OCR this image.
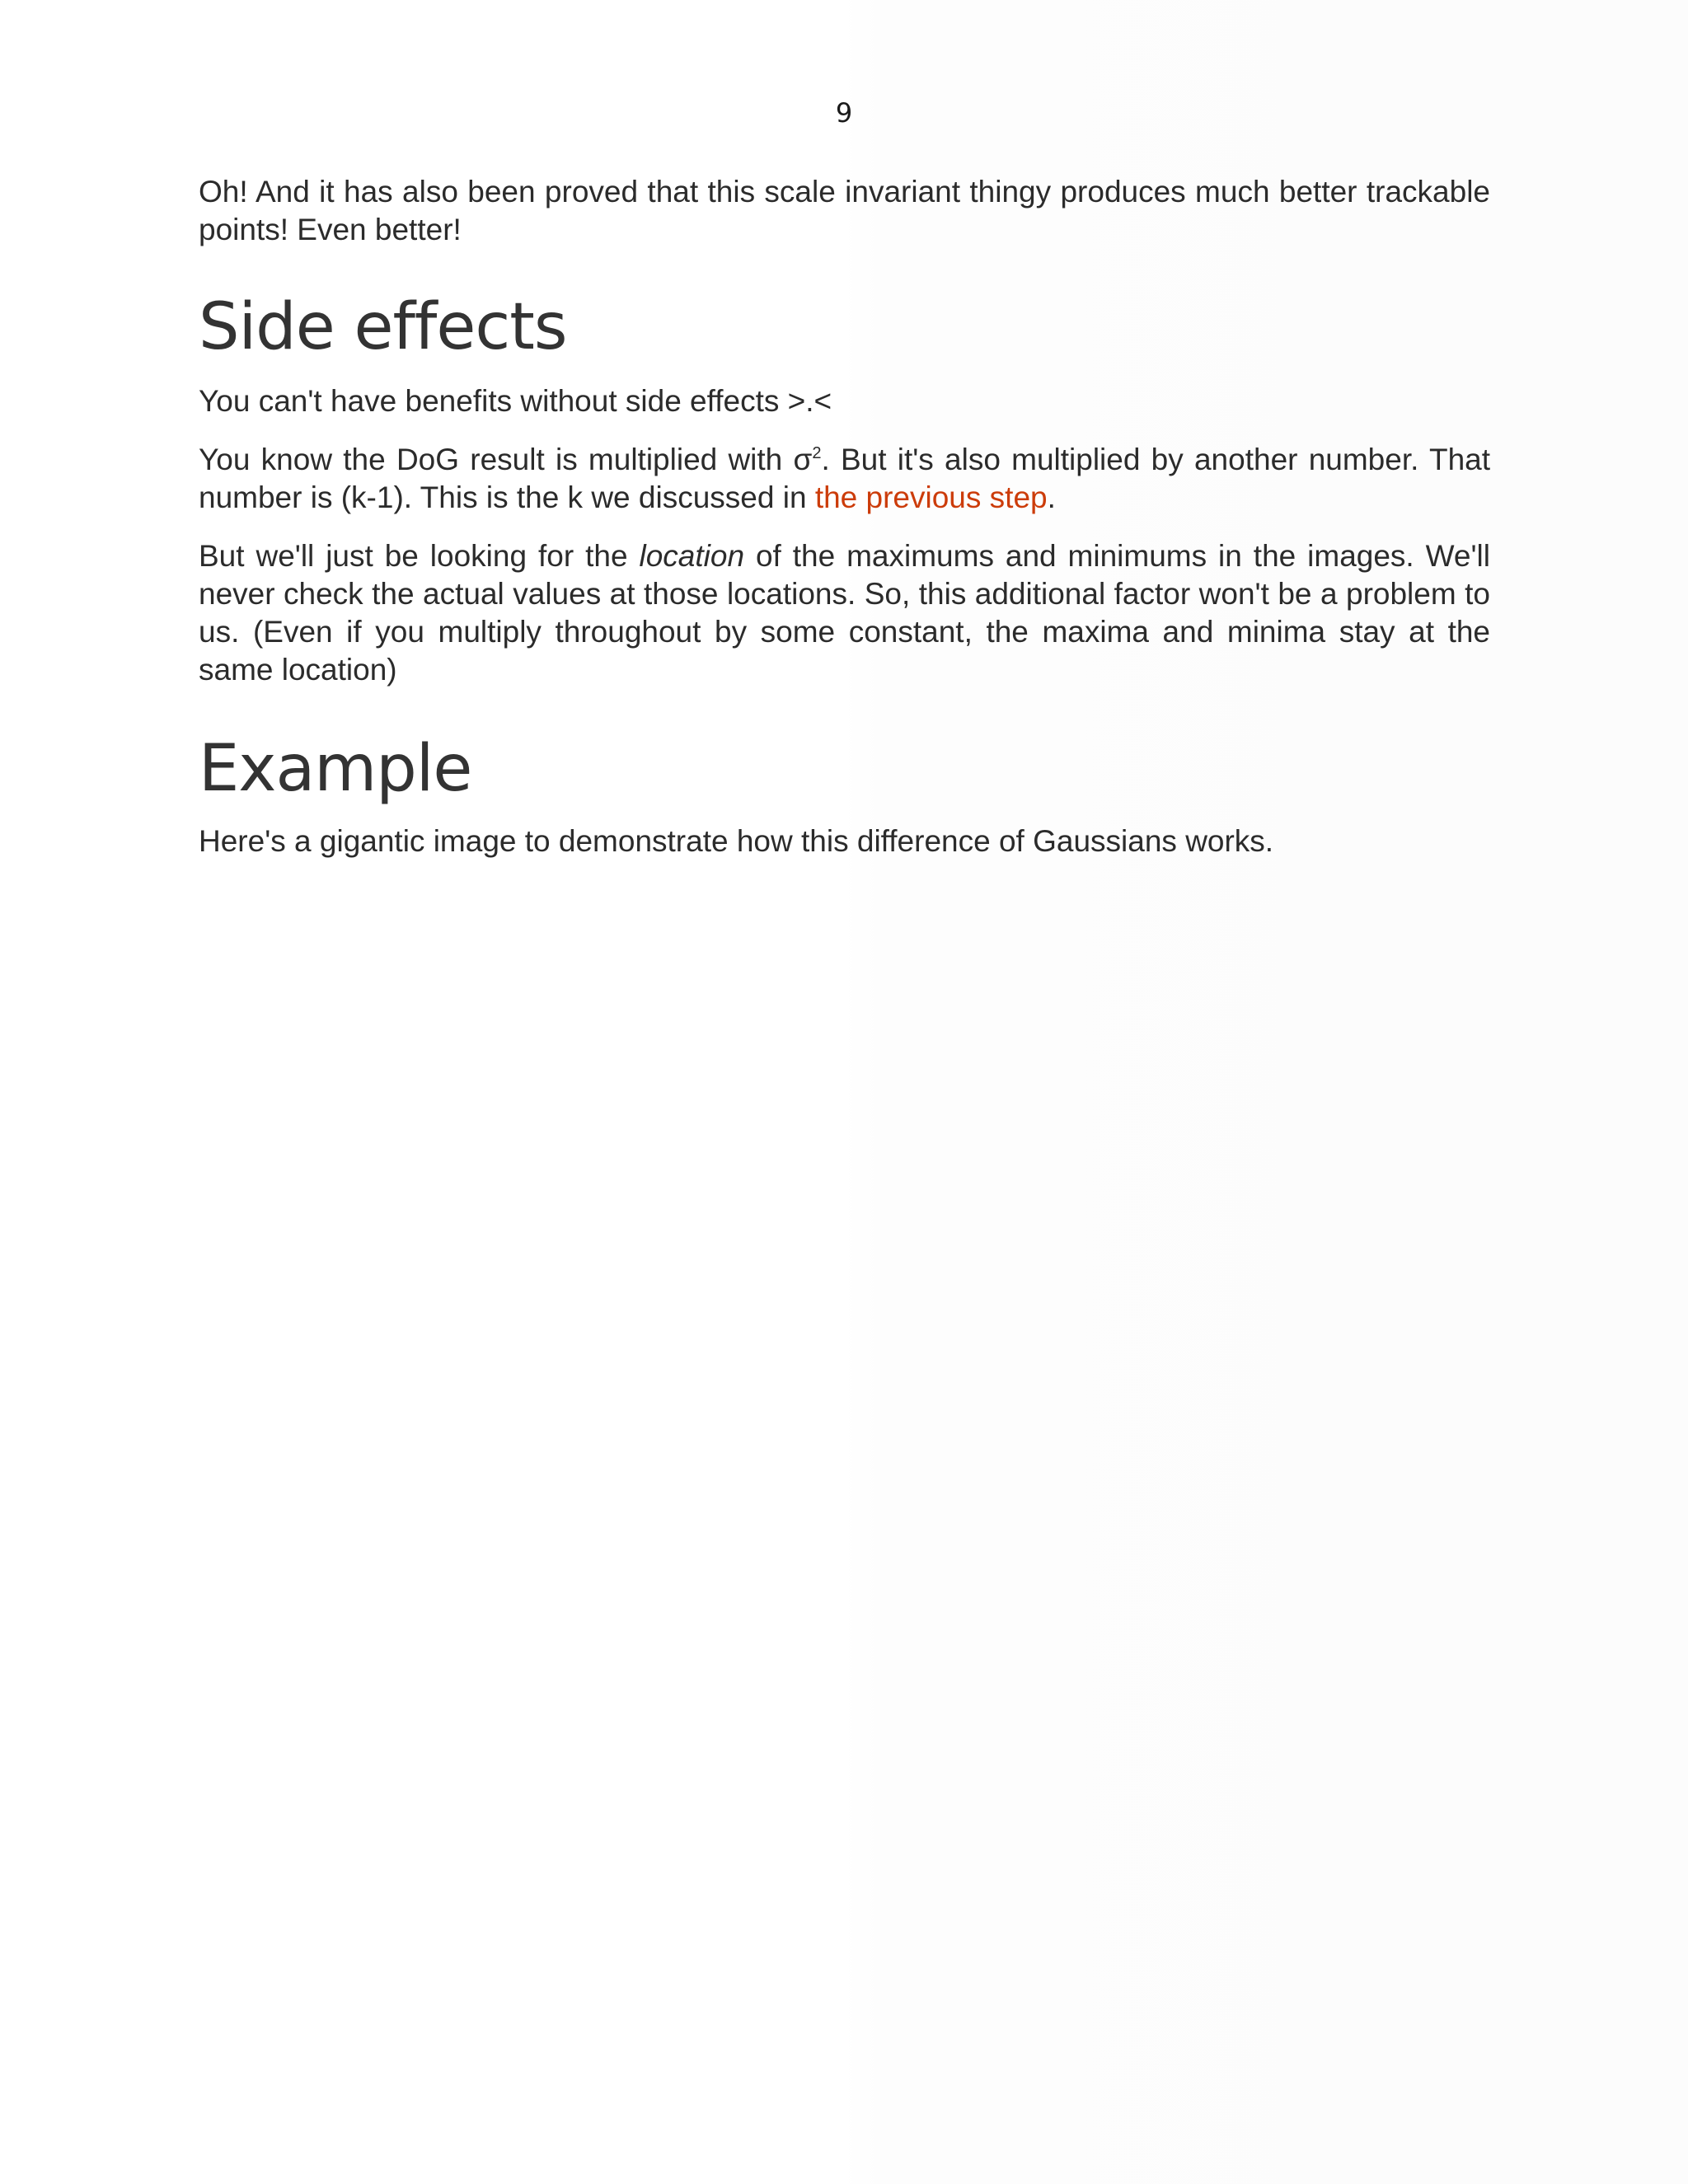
9

Oh! And it has also been proved that this scale invariant thingy produces much better trackable points! Even better!

Side effects

You can't have benefits without side effects >.<

You know the DoG result is multiplied with $\sigma^2$. But it's also multiplied by another number. That number is (k-1). This is the k we discussed in the previous step.

But we'll just be looking for the location of the maximums and minimums in the images. We'll never check the actual values at those locations. So, this additional factor won't be a problem to us. (Even if you multiply throughout by some constant, the maxima and minima stay at the same location)

Example

Here's a gigantic image to demonstrate how this difference of Gaussians works.
